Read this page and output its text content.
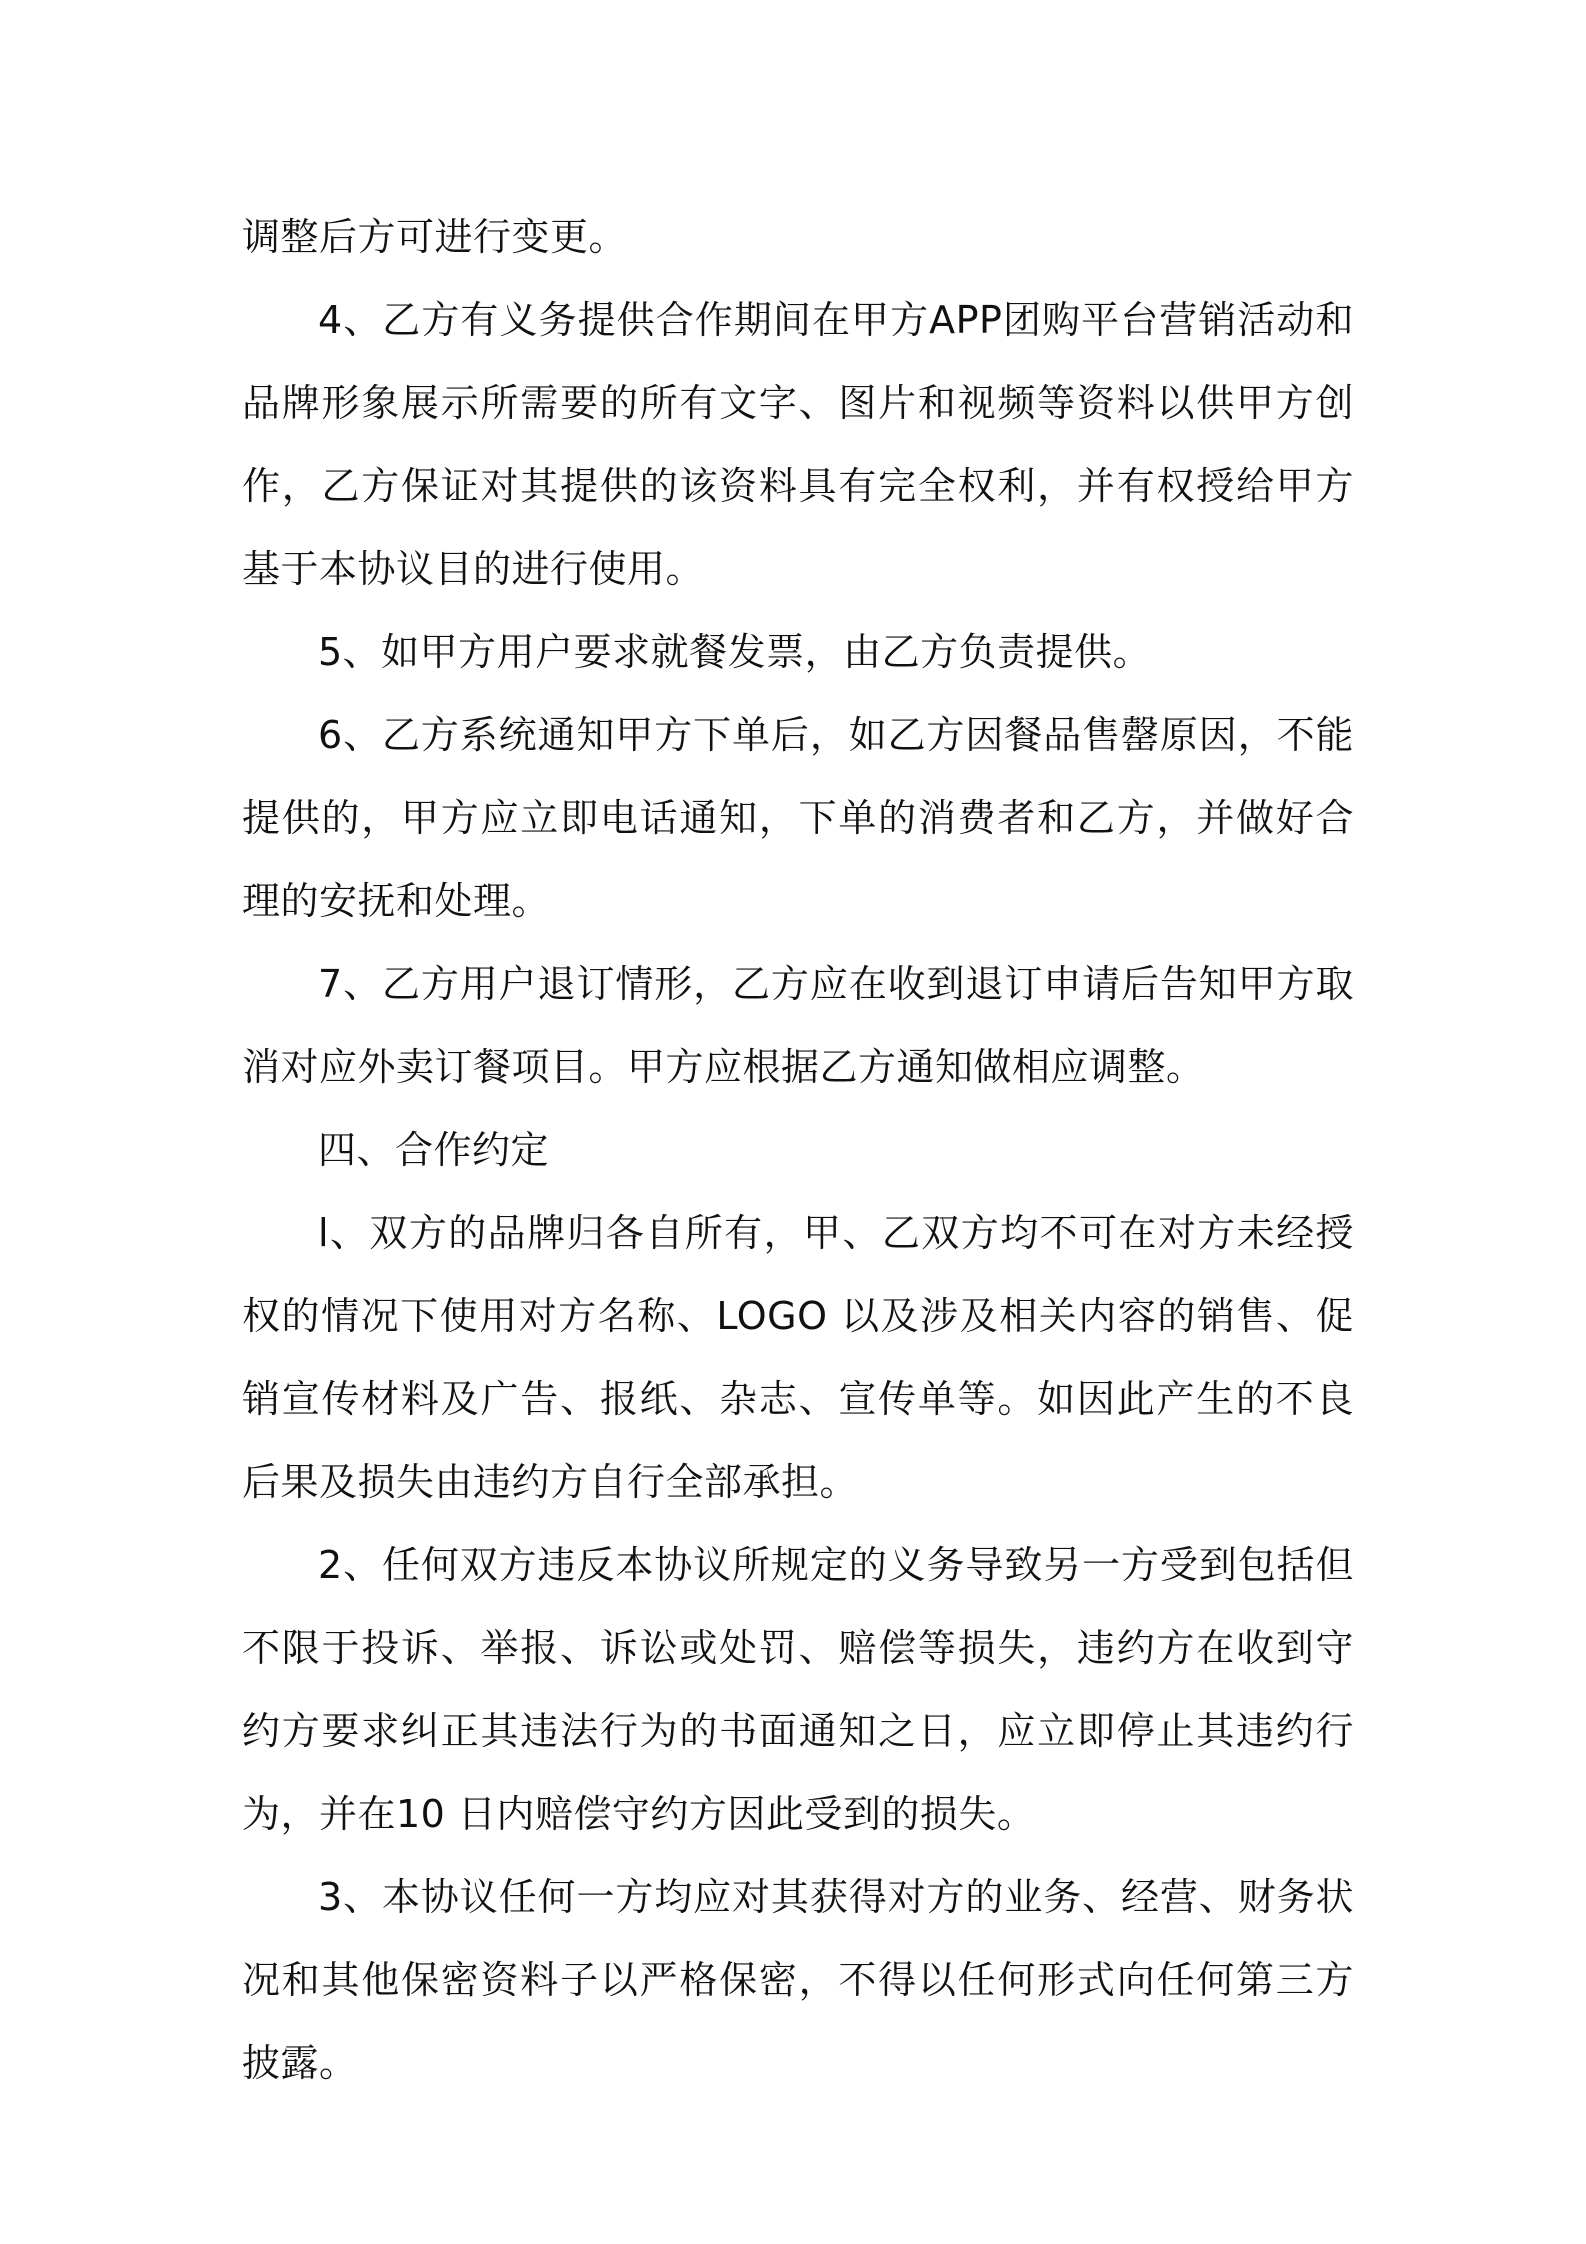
调整后方可进行变更。

4、乙方有义务提供合作期间在甲方APP团购平台营销活动和品牌形象展示所需要的所有文字、图片和视频等资料以供甲方创作，乙方保证对其提供的该资料具有完全权利，并有权授给甲方基于本协议目的进行使用。

5、如甲方用户要求就餐发票，由乙方负责提供。

6、乙方系统通知甲方下单后，如乙方因餐品售罄原因，不能提供的，甲方应立即电话通知，下单的消费者和乙方，并做好合理的安抚和处理。

7、乙方用户退订情形，乙方应在收到退订申请后告知甲方取消对应外卖订餐项目。甲方应根据乙方通知做相应调整。

四、合作约定

l、双方的品牌归各自所有，甲、乙双方均不可在对方未经授权的情况下使用对方名称、LOGO 以及涉及相关内容的销售、促销宣传材料及广告、报纸、杂志、宣传单等。如因此产生的不良后果及损失由违约方自行全部承担。

2、任何双方违反本协议所规定的义务导致另一方受到包括但不限于投诉、举报、诉讼或处罚、赔偿等损失，违约方在收到守约方要求纠正其违法行为的书面通知之日，应立即停止其违约行为，并在10 日内赔偿守约方因此受到的损失。

3、本协议任何一方均应对其获得对方的业务、经营、财务状况和其他保密资料子以严格保密，不得以任何形式向任何第三方披露。
